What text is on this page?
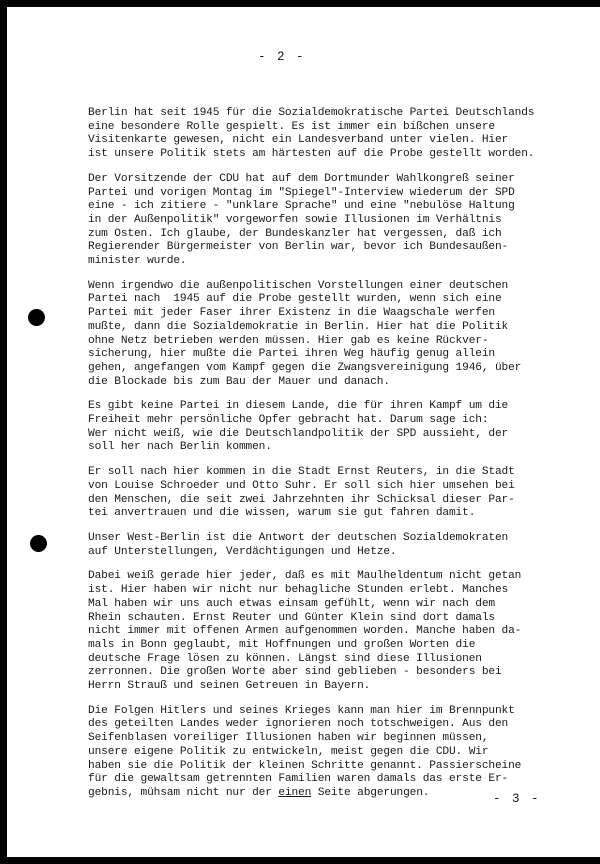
- 2 -

Berlin hat seit 1945 für die Sozialdemokratische Partei Deutschlands
eine besondere Rolle gespielt. Es ist immer ein bißchen unsere
Visitenkarte gewesen, nicht ein Landesverband unter vielen. Hier
ist unsere Politik stets am härtesten auf die Probe gestellt worden.

Der Vorsitzende der CDU hat auf dem Dortmunder Wahlkongreß seiner
Partei und vorigen Montag im "Spiegel"-Interview wiederum der SPD
eine - ich zitiere - "unklare Sprache" und eine "nebulöse Haltung
in der Außenpolitik" vorgeworfen sowie Illusionen im Verhältnis
zum Osten. Ich glaube, der Bundeskanzler hat vergessen, daß ich
Regierender Bürgermeister von Berlin war, bevor ich Bundesaußen-
minister wurde.

Wenn irgendwo die außenpolitischen Vorstellungen einer deutschen
Partei nach  1945 auf die Probe gestellt wurden, wenn sich eine
Partei mit jeder Faser ihrer Existenz in die Waagschale werfen
mußte, dann die Sozialdemokratie in Berlin. Hier hat die Politik
ohne Netz betrieben werden müssen. Hier gab es keine Rückver-
sicherung, hier mußte die Partei ihren Weg häufig genug allein
gehen, angefangen vom Kampf gegen die Zwangsvereinigung 1946, über
die Blockade bis zum Bau der Mauer und danach.

Es gibt keine Partei in diesem Lande, die für ihren Kampf um die
Freiheit mehr persönliche Opfer gebracht hat. Darum sage ich:
Wer nicht weiß, wie die Deutschlandpolitik der SPD aussieht, der
soll her nach Berlin kommen.

Er soll nach hier kommen in die Stadt Ernst Reuters, in die Stadt
von Louise Schroeder und Otto Suhr. Er soll sich hier umsehen bei
den Menschen, die seit zwei Jahrzehnten ihr Schicksal dieser Par-
tei anvertrauen und die wissen, warum sie gut fahren damit.

Unser West-Berlin ist die Antwort der deutschen Sozialdemokraten
auf Unterstellungen, Verdächtigungen und Hetze.

Dabei weiß gerade hier jeder, daß es mit Maulheldentum nicht getan
ist. Hier haben wir nicht nur behagliche Stunden erlebt. Manches
Mal haben wir uns auch etwas einsam gefühlt, wenn wir nach dem
Rhein schauten. Ernst Reuter und Günter Klein sind dort damals
nicht immer mit offenen Armen aufgenommen worden. Manche haben da-
mals in Bonn geglaubt, mit Hoffnungen und großen Worten die
deutsche Frage lösen zu können. Längst sind diese Illusionen
zerronnen. Die großen Worte aber sind geblieben - besonders bei
Herrn Strauß und seinen Getreuen in Bayern.

Die Folgen Hitlers und seines Krieges kann man hier im Brennpunkt
des geteilten Landes weder ignorieren noch totschweigen. Aus den
Seifenblasen voreiliger Illusionen haben wir beginnen müssen,
unsere eigene Politik zu entwickeln, meist gegen die CDU. Wir
haben sie die Politik der kleinen Schritte genannt. Passierscheine
für die gewaltsam getrennten Familien waren damals das erste Er-
gebnis, mühsam nicht nur der einen Seite abgerungen.	- 3 -
